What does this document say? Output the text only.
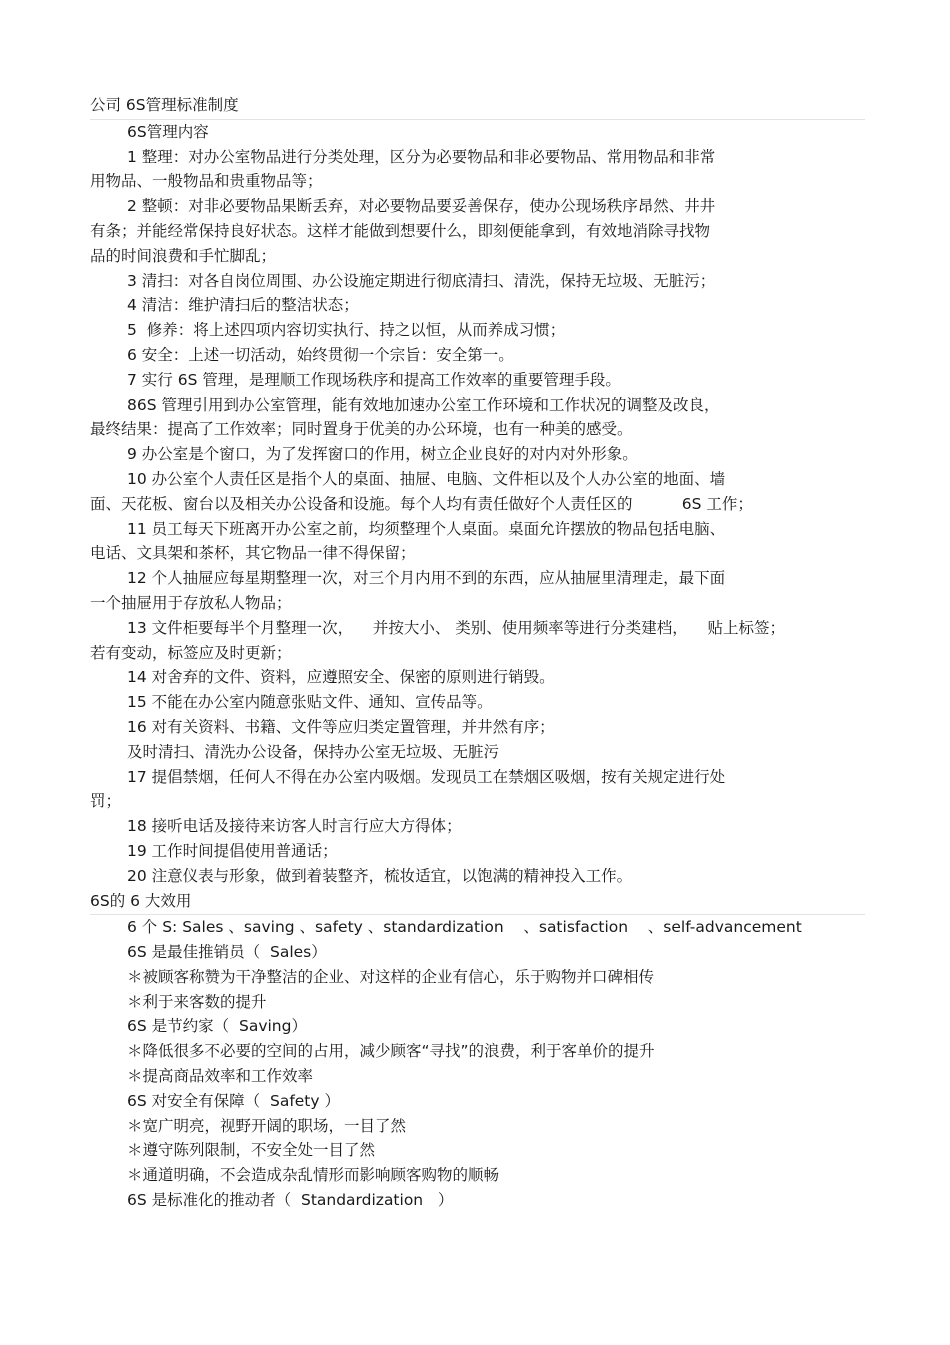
公司 6S管理标准制度
6S管理内容
1 整理：对办公室物品进行分类处理，区分为必要物品和非必要物品、常用物品和非常
用物品、一般物品和贵重物品等；
2 整顿：对非必要物品果断丢弃，对必要物品要妥善保存，使办公现场秩序昂然、井井
有条；并能经常保持良好状态。这样才能做到想要什么，即刻便能拿到，有效地消除寻找物
品的时间浪费和手忙脚乱；
3 清扫：对各自岗位周围、办公设施定期进行彻底清扫、清洗，保持无垃圾、无脏污；
4 清洁：维护清扫后的整洁状态；
5  修养：将上述四项内容切实执行、持之以恒，从而养成习惯；
6 安全：上述一切活动，始终贯彻一个宗旨：安全第一。
7 实行 6S 管理，是理顺工作现场秩序和提高工作效率的重要管理手段。
86S 管理引用到办公室管理，能有效地加速办公室工作环境和工作状况的调整及改良，
最终结果：提高了工作效率；同时置身于优美的办公环境，也有一种美的感受。
9 办公室是个窗口，为了发挥窗口的作用，树立企业良好的对内对外形象。
10 办公室个人责任区是指个人的桌面、抽屉、电脑、文件柜以及个人办公室的地面、墙
面、天花板、窗台以及相关办公设备和设施。每个人均有责任做好个人责任区的          6S 工作；
11 员工每天下班离开办公室之前，均须整理个人桌面。桌面允许摆放的物品包括电脑、
电话、文具架和茶杯，其它物品一律不得保留；
12 个人抽屉应每星期整理一次，对三个月内用不到的东西，应从抽屉里清理走，最下面
一个抽屉用于存放私人物品；
13 文件柜要每半个月整理一次，    并按大小、 类别、使用频率等进行分类建档，    贴上标签；
若有变动，标签应及时更新；
14 对舍弃的文件、资料，应遵照安全、保密的原则进行销毁。
15 不能在办公室内随意张贴文件、通知、宣传品等。
16 对有关资料、书籍、文件等应归类定置管理，并井然有序；
及时清扫、清洗办公设备，保持办公室无垃圾、无脏污
17 提倡禁烟，任何人不得在办公室内吸烟。发现员工在禁烟区吸烟，按有关规定进行处
罚；
18 接听电话及接待来访客人时言行应大方得体；
19 工作时间提倡使用普通话；
20 注意仪表与形象，做到着装整齐，梳妆适宜，以饱满的精神投入工作。
6S的 6 大效用
6 个 S: Sales 、saving 、safety 、standardization    、satisfaction    、self-advancement
6S 是最佳推销员（  Sales）
＊被顾客称赞为干净整洁的企业、对这样的企业有信心，乐于购物并口碑相传
＊利于来客数的提升
6S 是节约家（  Saving）
＊降低很多不必要的空间的占用，减少顾客“寻找”的浪费，利于客单价的提升
＊提高商品效率和工作效率
6S 对安全有保障（  Safety ）
＊宽广明亮，视野开阔的职场，一目了然
＊遵守陈列限制，不安全处一目了然
＊通道明确，不会造成杂乱情形而影响顾客购物的顺畅
6S 是标准化的推动者（  Standardization   ）
